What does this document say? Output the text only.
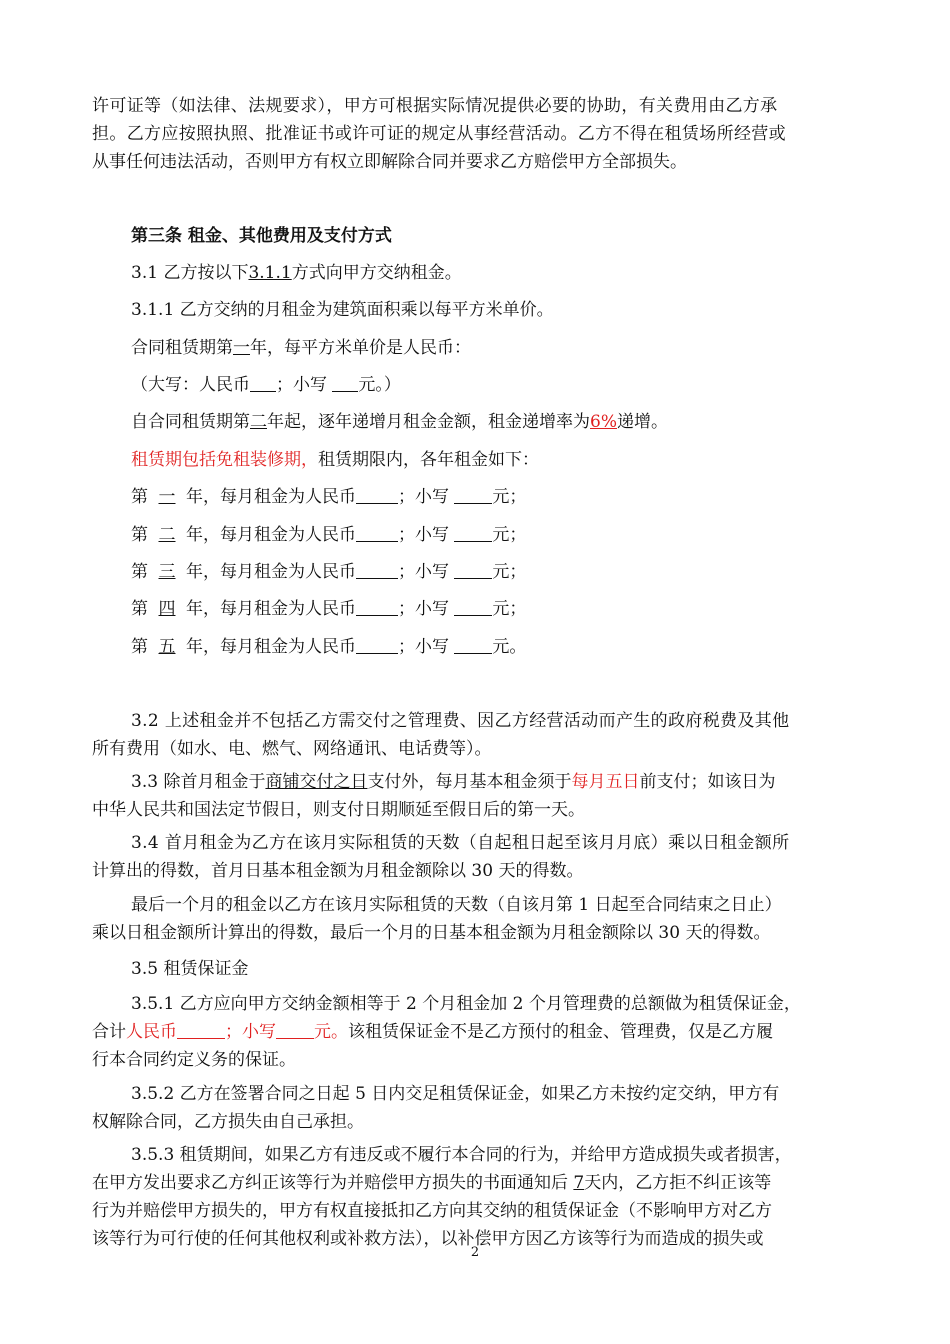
许可证等（如法律、法规要求），甲方可根据实际情况提供必要的协助，有关费用由乙方承
担。乙方应按照执照、批准证书或许可证的规定从事经营活动。乙方不得在租赁场所经营或
从事任何违法活动，否则甲方有权立即解除合同并要求乙方赔偿甲方全部损失。
第三条 租金、其他费用及支付方式
3.1 乙方按以下3.1.1方式向甲方交纳租金。
3.1.1 乙方交纳的月租金为建筑面积乘以每平方米单价。
合同租赁期第一年，每平方米单价是人民币：
（大写：人民币 ；小写 元。）
自合同租赁期第二年起，逐年递增月租金金额，租金递增率为6%递增。
租赁期包括免租装修期，租赁期限内，各年租金如下：
第 一 年，每月租金为人民币 ；小写 元；
第 二 年，每月租金为人民币 ；小写 元；
第 三 年，每月租金为人民币 ；小写 元；
第 四 年，每月租金为人民币 ；小写 元；
第 五 年，每月租金为人民币 ；小写 元。
3.2 上述租金并不包括乙方需交付之管理费、因乙方经营活动而产生的政府税费及其他
所有费用（如水、电、燃气、网络通讯、电话费等）。
3.3 除首月租金于商铺交付之日支付外，每月基本租金须于每月五日前支付；如该日为
中华人民共和国法定节假日，则支付日期顺延至假日后的第一天。
3.4 首月租金为乙方在该月实际租赁的天数（自起租日起至该月月底）乘以日租金额所
计算出的得数，首月日基本租金额为月租金额除以 30 天的得数。
最后一个月的租金以乙方在该月实际租赁的天数（自该月第 1 日起至合同结束之日止）
乘以日租金额所计算出的得数，最后一个月的日基本租金额为月租金额除以 30 天的得数。
3.5 租赁保证金
3.5.1 乙方应向甲方交纳金额相等于 2 个月租金加 2 个月管理费的总额做为租赁保证金，
合计人民币	；小写 元。该租赁保证金不是乙方预付的租金、管理费，仅是乙方履
行本合同约定义务的保证。
3.5.2 乙方在签署合同之日起 5 日内交足租赁保证金，如果乙方未按约定交纳，甲方有
权解除合同，乙方损失由自己承担。
3.5.3 租赁期间，如果乙方有违反或不履行本合同的行为，并给甲方造成损失或者损害，
在甲方发出要求乙方纠正该等行为并赔偿甲方损失的书面通知后 7天内，乙方拒不纠正该等
行为并赔偿甲方损失的，甲方有权直接抵扣乙方向其交纳的租赁保证金（不影响甲方对乙方
该等行为可行使的任何其他权利或补救方法），以补偿甲方因乙方该等行为而造成的损失或
2
